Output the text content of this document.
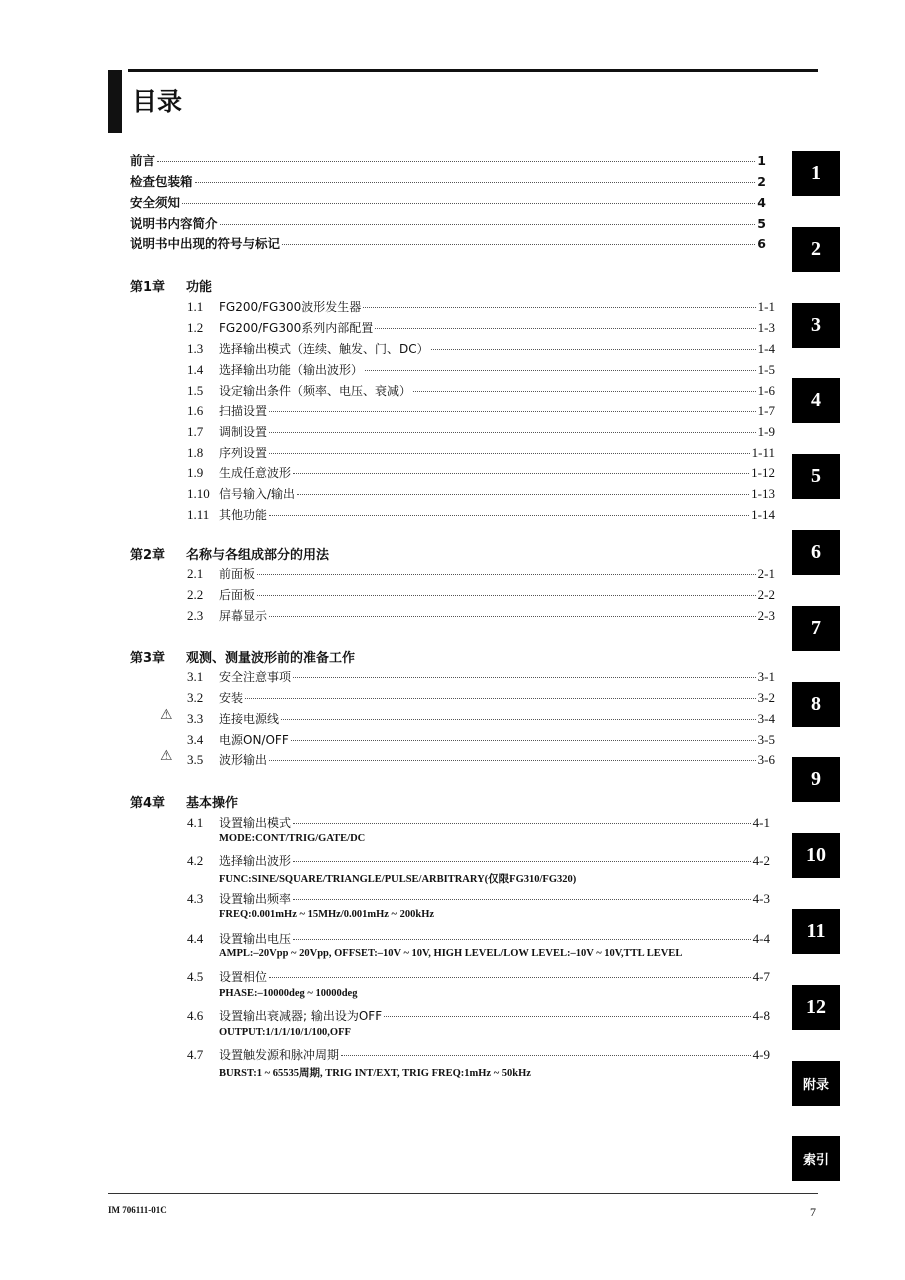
目录
前言	1
检查包装箱	2
安全须知	4
说明书内容简介	5
说明书中出现的符号与标记	6
第1章 功能
1.1	FG200/FG300波形发生器	1-1
1.2	FG200/FG300系列内部配置	1-3
1.3	选择输出模式（连续、触发、门、DC）	1-4
1.4	选择输出功能（输出波形）	1-5
1.5	设定输出条件（频率、电压、衰减）	1-6
1.6	扫描设置	1-7
1.7	调制设置	1-9
1.8	序列设置	1-11
1.9	生成任意波形	1-12
1.10 信号输入/输出	1-13
1.11 其他功能	1-14
第2章 名称与各组成部分的用法
2.1	前面板	2-1
2.2	后面板	2-2
2.3	屏幕显示	2-3
第3章 观测、测量波形前的准备工作
3.1	安全注意事项	3-1
3.2	安装	3-2
3.3	连接电源线	3-4
⚠
3.4	电源ON/OFF	3-5
3.5	波形输出	3-6
⚠
第4章 基本操作
4.1	设置输出模式	4-1
MODE:CONT/TRIG/GATE/DC
4.2	选择输出波形	4-2
FUNC:SINE/SQUARE/TRIANGLE/PULSE/ARBITRARY(仅限FG310/FG320)
4.3	设置输出频率	4-3
FREQ:0.001mHz ~ 15MHz/0.001mHz ~ 200kHz
4.4	设置输出电压	4-4
AMPL:–20Vpp ~ 20Vpp, OFFSET:–10V ~ 10V, HIGH LEVEL/LOW LEVEL:–10V ~ 10V,TTL LEVEL
4.5	设置相位	4-7
PHASE:–10000deg ~ 10000deg
4.6	设置输出衰减器; 输出设为OFF	4-8
OUTPUT:1/1/1/10/1/100,OFF
4.7	设置触发源和脉冲周期	4-9
BURST:1 ~ 65535周期, TRIG INT/EXT, TRIG FREQ:1mHz ~ 50kHz
1
2
3
4
5
6
7
8
9
10
11
12
附录
索引
IM 706111-01C	7
